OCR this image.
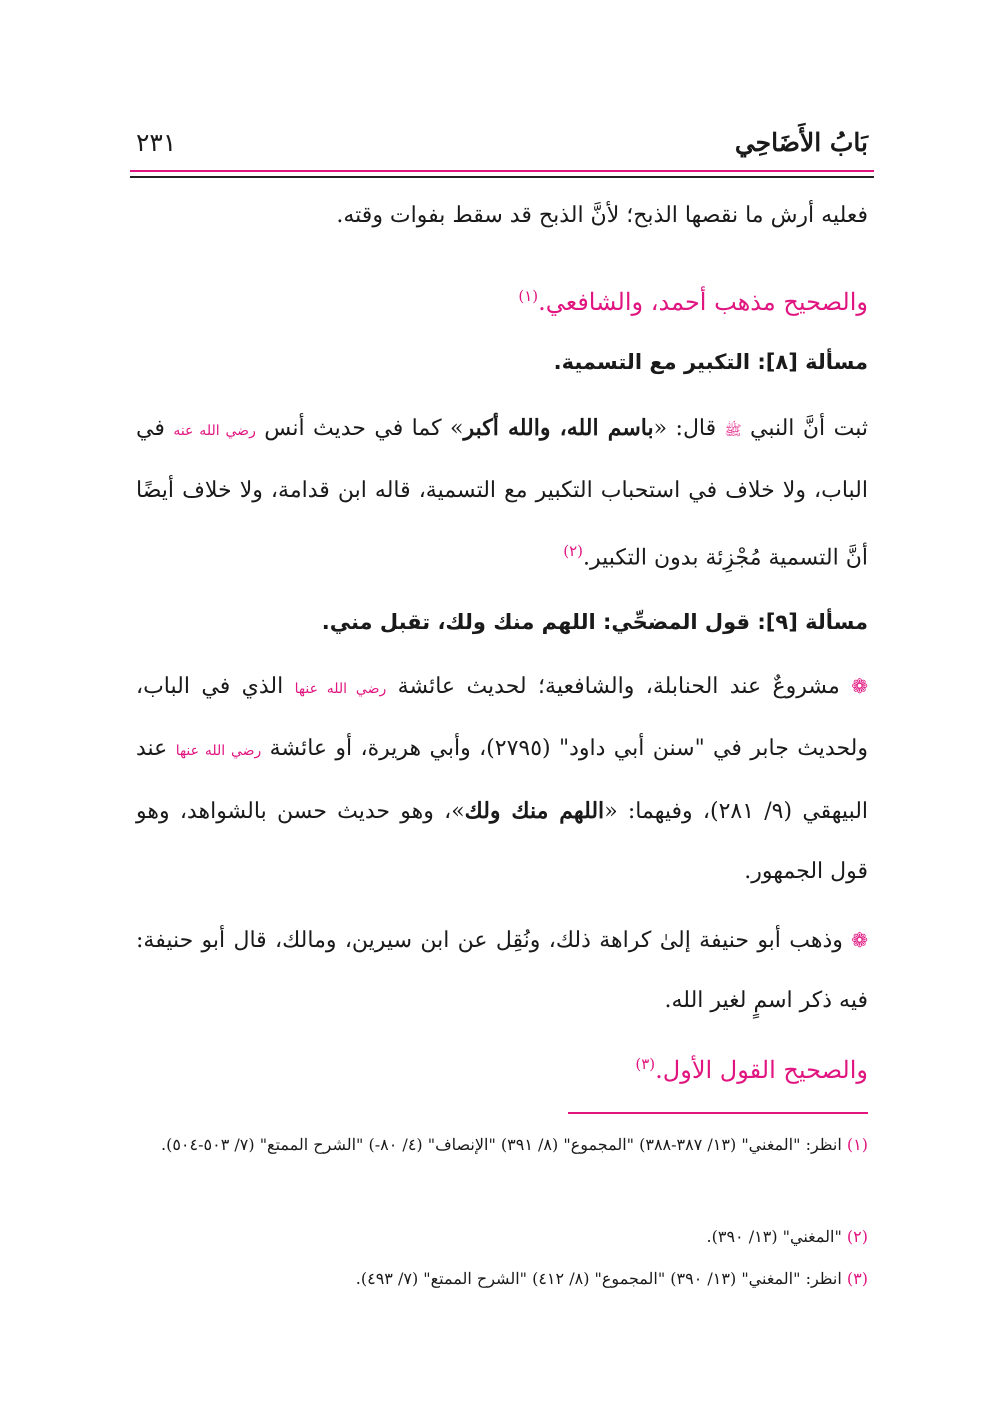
بَابُ الأَضَاحِي
٢٣١

فعليه أرش ما نقصها الذبح؛ لأنَّ الذبح قد سقط بفوات وقته.

والصحيح مذهب أحمد، والشافعي.$^{(١)}$

مسألة [٨]: التكبير مع التسمية.

ثبت أنَّ النبي ﷺ قال: «باسم الله، والله أكبر» كما في حديث أنس رضي الله عنه في الباب، ولا خلاف في استحباب التكبير مع التسمية، قاله ابن قدامة، ولا خلاف أيضًا أنَّ التسمية مُجْزِئة بدون التكبير.$^{(٢)}$

مسألة [٩]: قول المضحِّي: اللهم منك ولك، تقبل مني.

❁ مشروعٌ عند الحنابلة، والشافعية؛ لحديث عائشة رضي الله عنها الذي في الباب، ولحديث جابر في "سنن أبي داود" (٢٧٩٥)، وأبي هريرة، أو عائشة رضي الله عنها عند البيهقي (٩/ ٢٨١)، وفيهما: «اللهم منك ولك»، وهو حديث حسن بالشواهد، وهو قول الجمهور.

❁ وذهب أبو حنيفة إلىٰ كراهة ذلك، ونُقِل عن ابن سيرين، ومالك، قال أبو حنيفة: فيه ذكر اسمٍ لغير الله.

والصحيح القول الأول.$^{(٣)}$

(١) انظر: "المغني" (١٣/ ٣٨٧-٣٨٨) "المجموع" (٨/ ٣٩١) "الإنصاف" (٤/ ٨٠-) "الشرح الممتع" (٧/ ٥٠٣-٥٠٤).

(٢) "المغني" (١٣/ ٣٩٠).

(٣) انظر: "المغني" (١٣/ ٣٩٠) "المجموع" (٨/ ٤١٢) "الشرح الممتع" (٧/ ٤٩٣).
